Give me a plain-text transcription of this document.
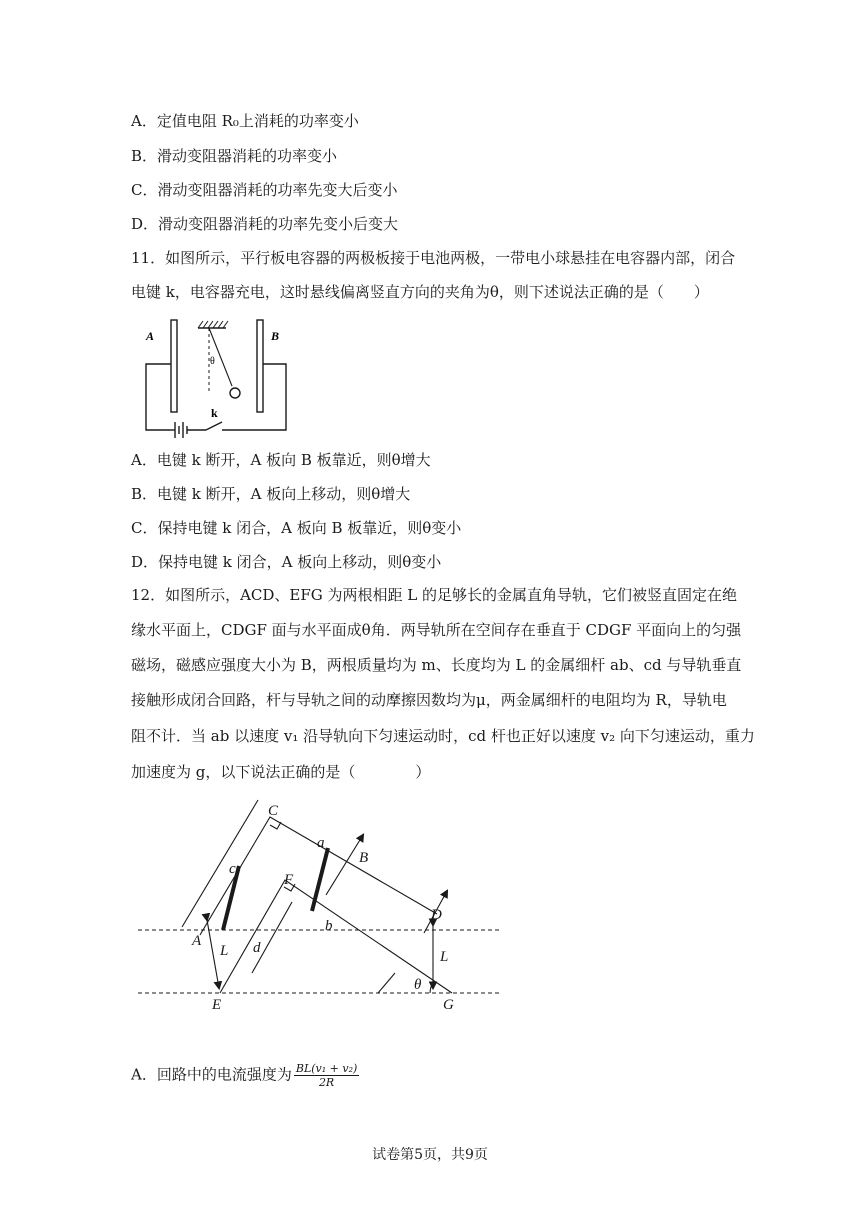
A．定值电阻 R₀上消耗的功率变小
B．滑动变阻器消耗的功率变小
C．滑动变阻器消耗的功率先变大后变小
D．滑动变阻器消耗的功率先变小后变大
11．如图所示，平行板电容器的两极板接于电池两极，一带电小球悬挂在电容器内部，闭合
电键 k，电容器充电，这时悬线偏离竖直方向的夹角为θ，则下述说法正确的是（　　）
A	B
θ
k
A．电键 k 断开，A 板向 B 板靠近，则θ增大
B．电键 k 断开，A 板向上移动，则θ增大
C．保持电键 k 闭合，A 板向 B 板靠近，则θ变小
D．保持电键 k 闭合，A 板向上移动，则θ变小
12．如图所示，ACD、EFG 为两根相距 L 的足够长的金属直角导轨，它们被竖直固定在绝
缘水平面上，CDGF 面与水平面成θ角．两导轨所在空间存在垂直于 CDGF 平面向上的匀强
磁场，磁感应强度大小为 B，两根质量均为 m、长度均为 L 的金属细杆 ab、cd 与导轨垂直
接触形成闭合回路，杆与导轨之间的动摩擦因数均为μ，两金属细杆的电阻均为 R，导轨电
阻不计．当 ab 以速度 v₁ 沿导轨向下匀速运动时，cd 杆也正好以速度 v₂ 向下匀速运动，重力
加速度为 g，以下说法正确的是（　　　　）
C
a
B
c
F
D
A
L d
b
L
E
θ
G
A．回路中的电流强度为 $\frac{\text{BL(v₁ + v₂)}}{2R}$
试卷第5页，共9页
